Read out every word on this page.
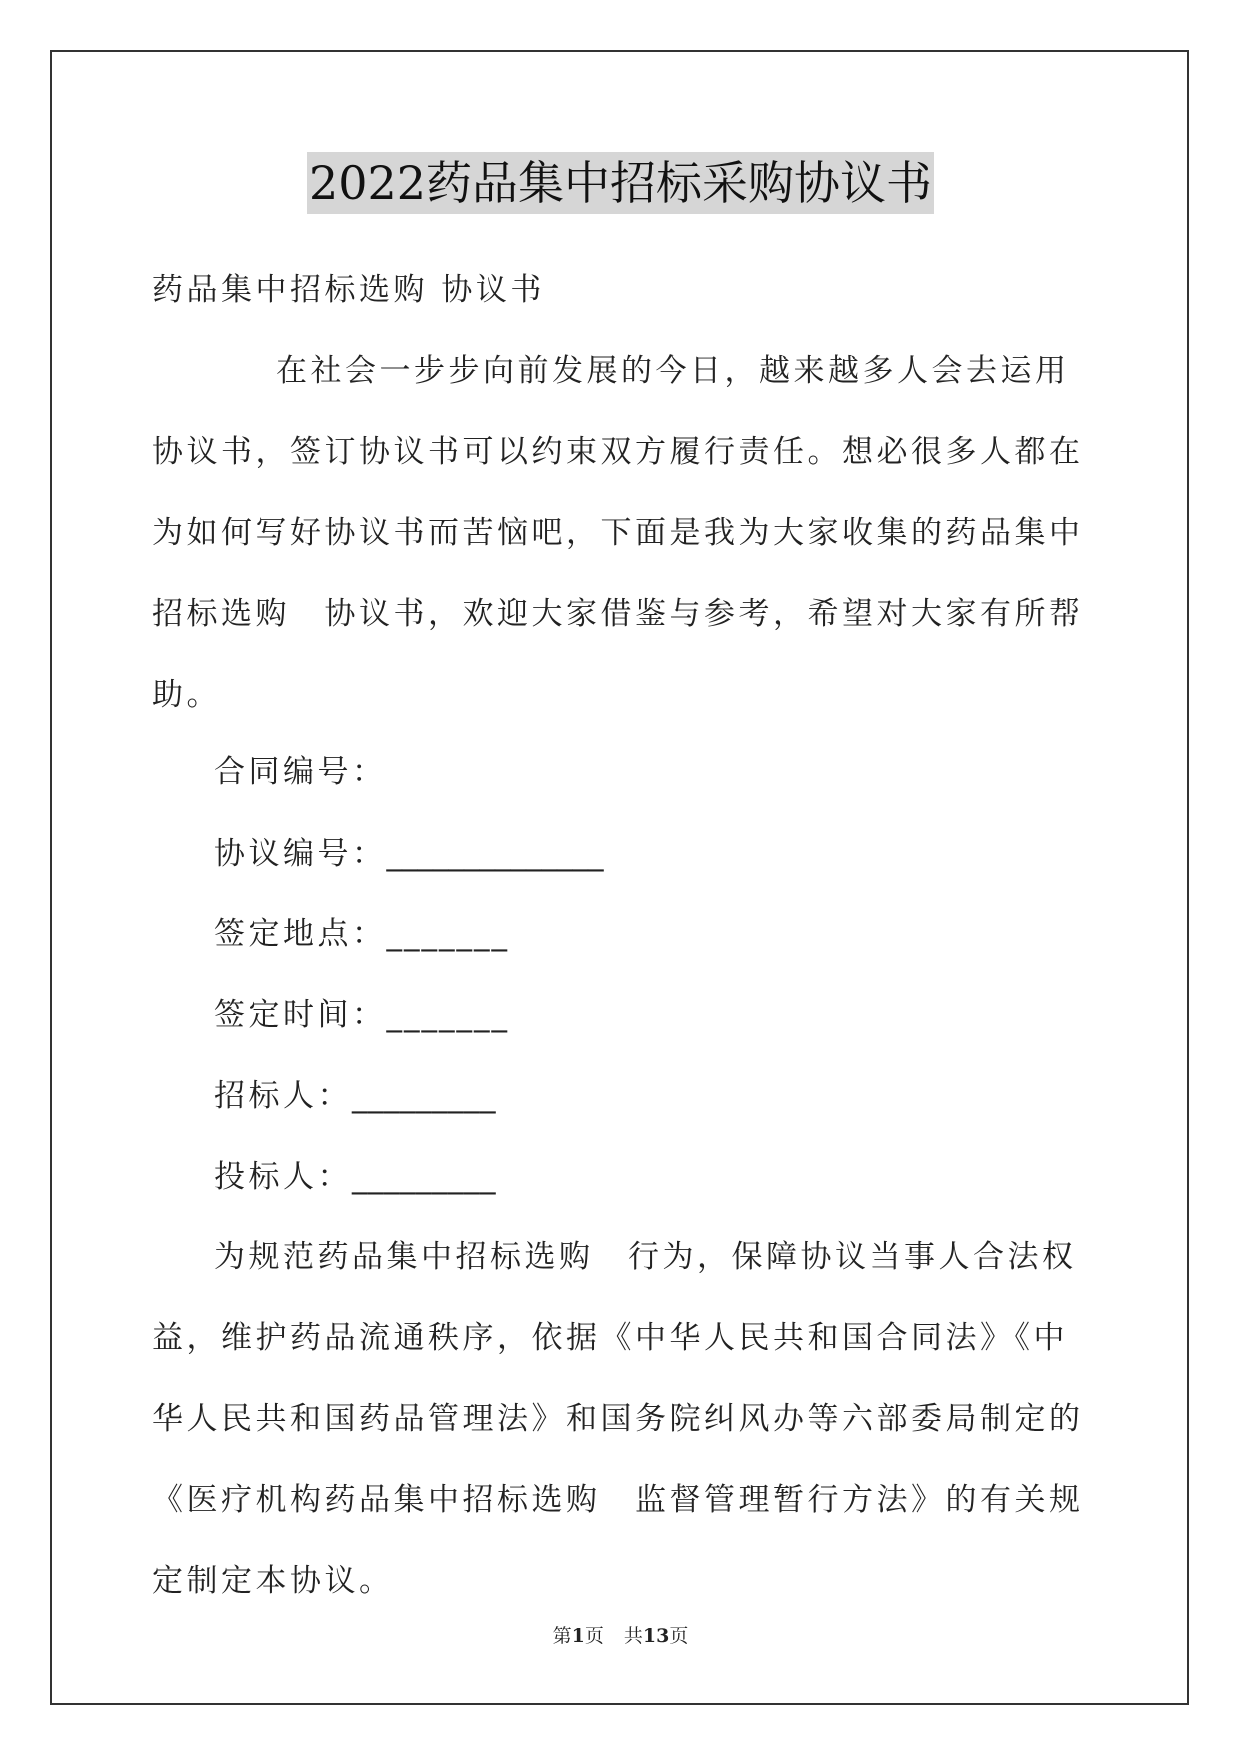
2022药品集中招标采购协议书
药品集中招标选购 协议书
在社会一步步向前发展的今日，越来越多人会去运用协议书，签订协议书可以约束双方履行责任。想必很多人都在为如何写好协议书而苦恼吧，下面是我为大家收集的药品集中招标选购　协议书，欢迎大家借鉴与参考，希望对大家有所帮助。
合同编号：
协议编号：______________
签定地点：_______
签定时间：_______
招标人：_________
投标人：_________
为规范药品集中招标选购　行为，保障协议当事人合法权益，维护药品流通秩序，依据《中华人民共和国合同法》《中华人民共和国药品管理法》和国务院纠风办等六部委局制定的《医疗机构药品集中招标选购　监督管理暂行方法》的有关规定制定本协议。
第1页 共13页
